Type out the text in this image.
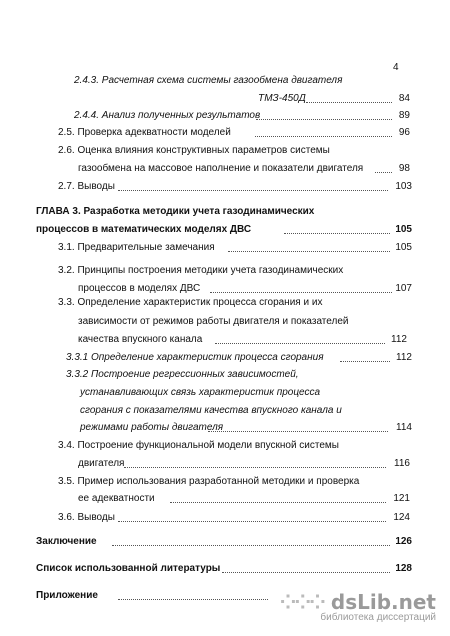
4
2.4.3. Расчетная схема системы газообмена двигателя
ТМЗ-450Д	84
2.4.4. Анализ полученных результатов	89
2.5. Проверка адекватности моделей	96
2.6. Оценка влияния конструктивных параметров системы
газообмена на массовое наполнение и показатели двигателя	98
2.7. Выводы	103
ГЛАВА 3. Разработка методики учета газодинамических
процессов в математических моделях ДВС	105
3.1. Предварительные замечания	105
3.2. Принципы построения методики учета газодинамических
процессов в моделях ДВС	107
3.3. Определение характеристик процесса сгорания и их
зависимости от режимов работы двигателя и показателей
качества впускного канала	112
3.3.1 Определение характеристик процесса сгорания	112
3.3.2 Построение регрессионных зависимостей,
устанавливающих связь характеристик процесса
сгорания с показателями качества впускного канала и
режимами работы двигателя	114
3.4. Построение функциональной модели впускной системы
двигателя	116
3.5. Пример использования разработанной методики и проверка
ее адекватности	121
3.6. Выводы	124
Заключение	126
Список использованной литературы	128
Приложение	⁘⁘⁘ dsLib.net
библиотека диссертаций
